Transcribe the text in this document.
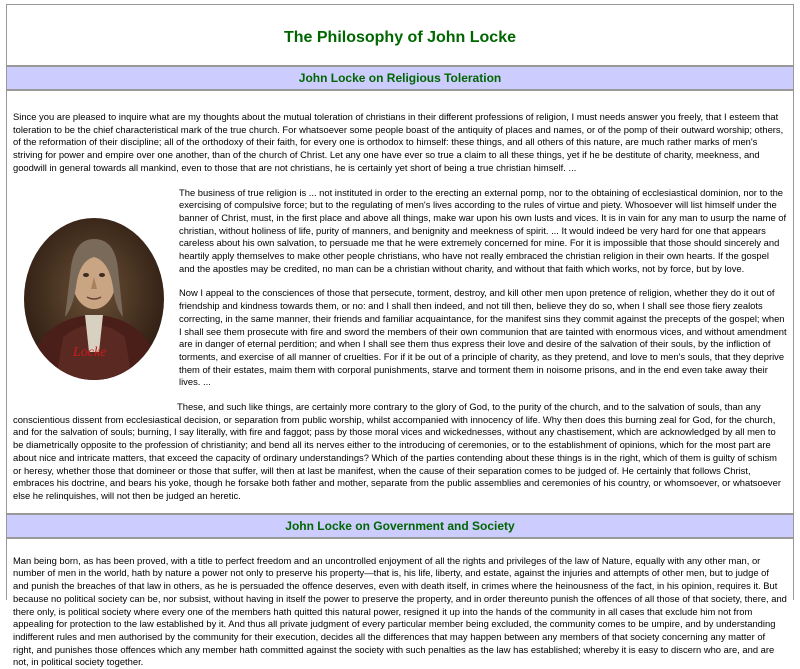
The Philosophy of John Locke
John Locke on Religious Toleration

Since you are pleased to inquire what are my thoughts about the mutual toleration of christians in their different professions of religion, I must needs answer you freely, that I esteem that toleration to be the chief characteristical mark of the true church. For whatsoever some people boast of the antiquity of places and names, or of the pomp of their outward worship; others, of the reformation of their discipline; all of the orthodoxy of their faith, for every one is orthodox to himself: these things, and all others of this nature, are much rather marks of men's striving for power and empire over one another, than of the church of Christ. Let any one have ever so true a claim to all these things, yet if he be destitute of charity, meekness, and goodwill in general towards all mankind, even to those that are not christians, he is certainly yet short of being a true christian himself. ...

Locke

The business of true religion is ... not instituted in order to the erecting an external pomp, nor to the obtaining of ecclesiastical dominion, nor to the exercising of compulsive force; but to the regulating of men's lives according to the rules of virtue and piety. Whosoever will list himself under the banner of Christ, must, in the first place and above all things, make war upon his own lusts and vices. It is in vain for any man to usurp the name of christian, without holiness of life, purity of manners, and benignity and meekness of spirit. ... It would indeed be very hard for one that appears careless about his own salvation, to persuade me that he were extremely concerned for mine. For it is impossible that those should sincerely and heartily apply themselves to make other people christians, who have not really embraced the christian religion in their own hearts. If the gospel and the apostles may be credited, no man can be a christian without charity, and without that faith which works, not by force, but by love.

Now I appeal to the consciences of those that persecute, torment, destroy, and kill other men upon pretence of religion, whether they do it out of friendship and kindness towards them, or no: and I shall then indeed, and not till then, believe they do so, when I shall see those fiery zealots correcting, in the same manner, their friends and familiar acquaintance, for the manifest sins they commit against the precepts of the gospel; when I shall see them prosecute with fire and sword the members of their own communion that are tainted with enormous vices, and without amendment are in danger of eternal perdition; and when I shall see them thus express their love and desire of the salvation of their souls, by the infliction of torments, and exercise of all manner of cruelties. For if it be out of a principle of charity, as they pretend, and love to men's souls, that they deprive them of their estates, maim them with corporal punishments, starve and torment them in noisome prisons, and in the end even take away their lives. ...

These, and such like things, are certainly more contrary to the glory of God, to the purity of the church, and to the salvation of souls, than any conscientious dissent from ecclesiastical decision, or separation from public worship, whilst accompanied with innocency of life. Why then does this burning zeal for God, for the church, and for the salvation of souls; burning, I say literally, with fire and faggot; pass by those moral vices and wickednesses, without any chastisement, which are acknowledged by all men to be diametrically opposite to the profession of christianity; and bend all its nerves either to the introducing of ceremonies, or to the establishment of opinions, which for the most part are about nice and intricate matters, that exceed the capacity of ordinary understandings? Which of the parties contending about these things is in the right, which of them is guilty of schism or heresy, whether those that domineer or those that suffer, will then at last be manifest, when the cause of their separation comes to be judged of. He certainly that follows Christ, embraces his doctrine, and bears his yoke, though he forsake both father and mother, separate from the public assemblies and ceremonies of his country, or whomsoever, or whatsoever else he relinquishes, will not then be judged an heretic.

John Locke on Government and Society

Man being born, as has been proved, with a title to perfect freedom and an uncontrolled enjoyment of all the rights and privileges of the law of Nature, equally with any other man, or number of men in the world, hath by nature a power not only to preserve his property—that is, his life, liberty, and estate, against the injuries and attempts of other men, but to judge of and punish the breaches of that law in others, as he is persuaded the offence deserves, even with death itself, in crimes where the heinousness of the fact, in his opinion, requires it. But because no political society can be, nor subsist, without having in itself the power to preserve the property, and in order thereunto punish the offences of all those of that society, there, and there only, is political society where every one of the members hath quitted this natural power, resigned it up into the hands of the community in all cases that exclude him not from appealing for protection to the law established by it. And thus all private judgment of every particular member being excluded, the community comes to be umpire, and by understanding indifferent rules and men authorised by the community for their execution, decides all the differences that may happen between any members of that society concerning any matter of right, and punishes those offences which any member hath committed against the society with such penalties as the law has established; whereby it is easy to discern who are, and are not, in political society together.
